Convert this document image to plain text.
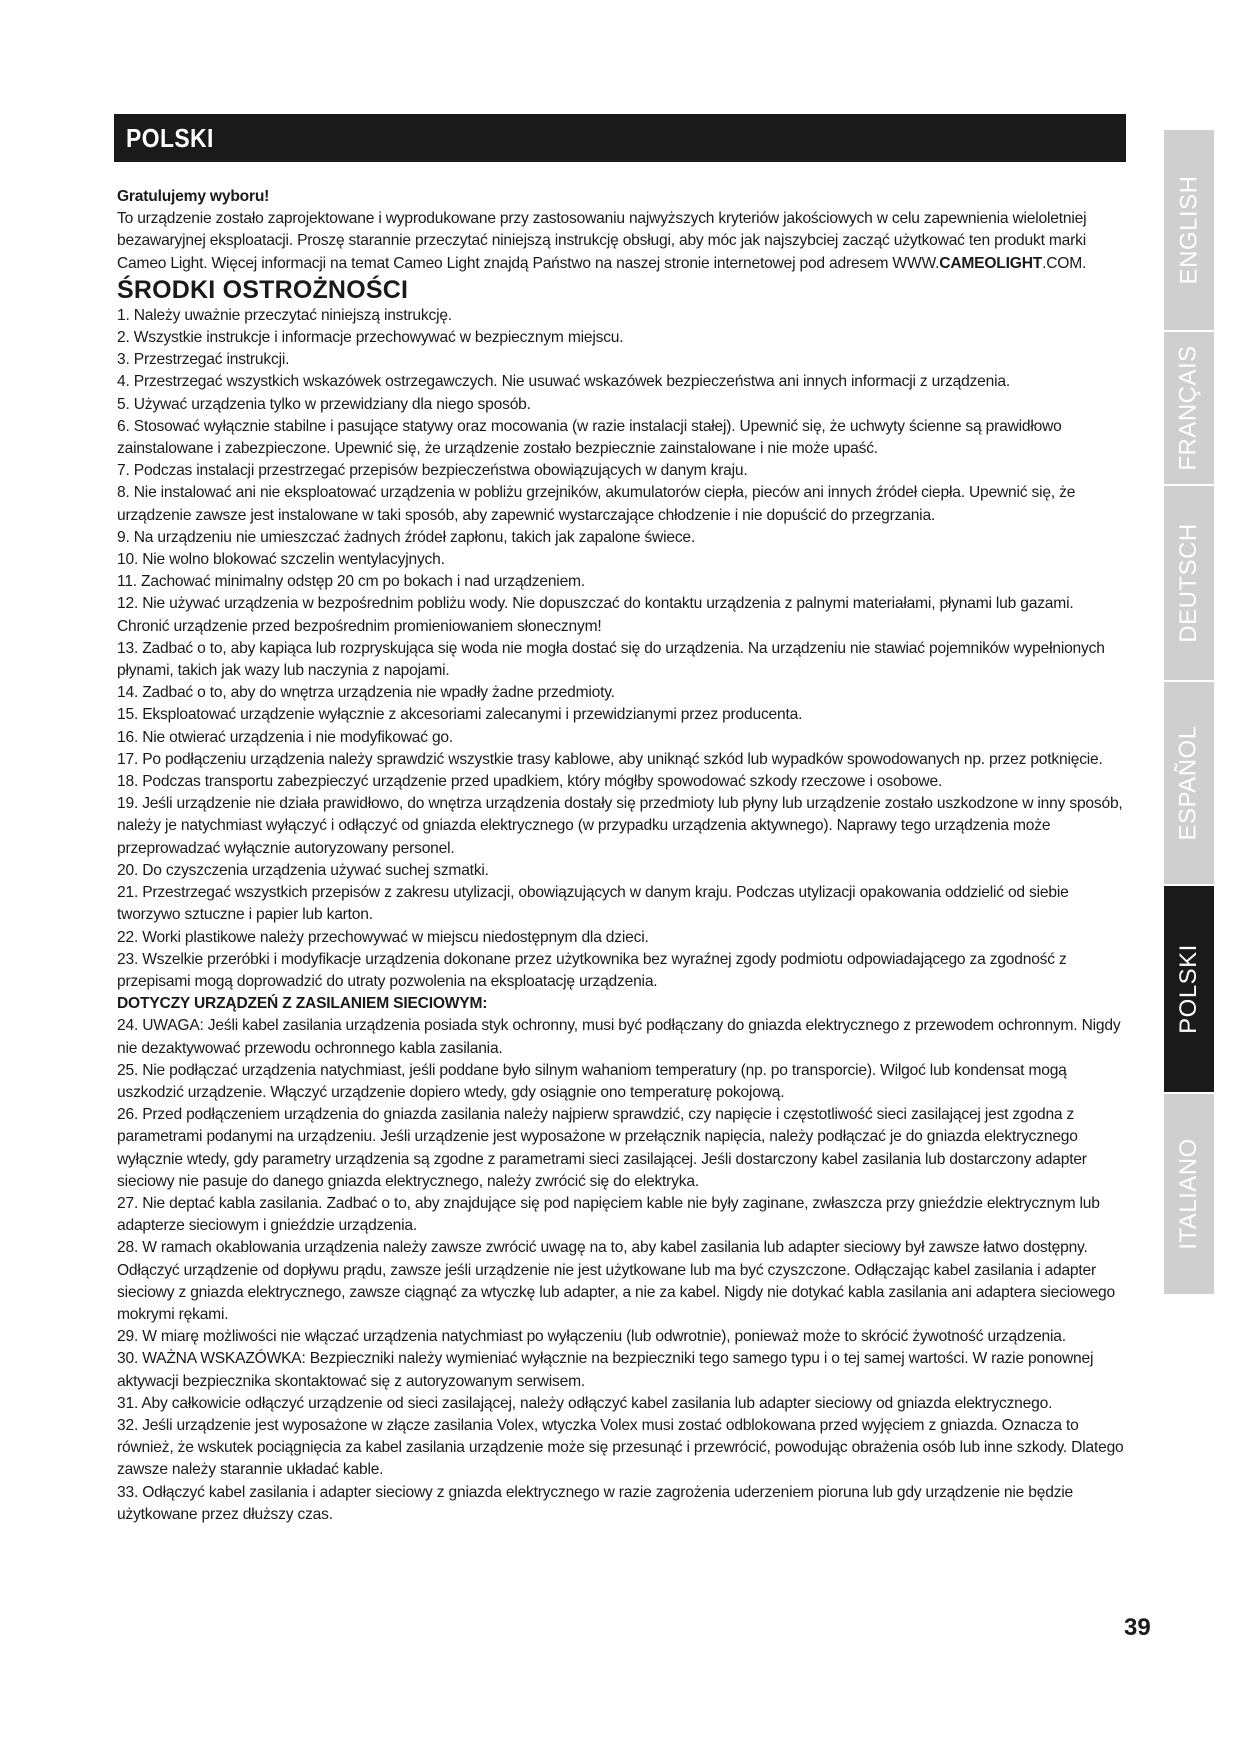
POLSKI

Gratulujemy wyboru!

To urządzenie zostało zaprojektowane i wyprodukowane przy zastosowaniu najwyższych kryteriów jakościowych w celu zapewnienia wieloletniej bezawaryjnej eksploatacji. Proszę starannie przeczytać niniejszą instrukcję obsługi, aby móc jak najszybciej zacząć użytkować ten produkt marki Cameo Light. Więcej informacji na temat Cameo Light znajdą Państwo na naszej stronie internetowej pod adresem WWW.CAMEOLIGHT.COM.

ŚRODKI OSTROŻNOŚCI

1. Należy uważnie przeczytać niniejszą instrukcję.
2. Wszystkie instrukcje i informacje przechowywać w bezpiecznym miejscu.
3. Przestrzegać instrukcji.
4. Przestrzegać wszystkich wskazówek ostrzegawczych. Nie usuwać wskazówek bezpieczeństwa ani innych informacji z urządzenia.
5. Używać urządzenia tylko w przewidziany dla niego sposób.
6. Stosować wyłącznie stabilne i pasujące statywy oraz mocowania (w razie instalacji stałej). Upewnić się, że uchwyty ścienne są prawidłowo zainstalowane i zabezpieczone. Upewnić się, że urządzenie zostało bezpiecznie zainstalowane i nie może upaść.
7. Podczas instalacji przestrzegać przepisów bezpieczeństwa obowiązujących w danym kraju.
8. Nie instalować ani nie eksploatować urządzenia w pobliżu grzejników, akumulatorów ciepła, pieców ani innych źródeł ciepła. Upewnić się, że urządzenie zawsze jest instalowane w taki sposób, aby zapewnić wystarczające chłodzenie i nie dopuścić do przegrzania.
9. Na urządzeniu nie umieszczać żadnych źródeł zapłonu, takich jak zapalone świece.
10. Nie wolno blokować szczelin wentylacyjnych.
11. Zachować minimalny odstęp 20 cm po bokach i nad urządzeniem.
12. Nie używać urządzenia w bezpośrednim pobliżu wody. Nie dopuszczać do kontaktu urządzenia z palnymi materiałami, płynami lub gazami. Chronić urządzenie przed bezpośrednim promieniowaniem słonecznym!
13. Zadbać o to, aby kapiąca lub rozpryskująca się woda nie mogła dostać się do urządzenia. Na urządzeniu nie stawiać pojemników wypełnionych płynami, takich jak wazy lub naczynia z napojami.
14. Zadbać o to, aby do wnętrza urządzenia nie wpadły żadne przedmioty.
15. Eksploatować urządzenie wyłącznie z akcesoriami zalecanymi i przewidzianymi przez producenta.
16. Nie otwierać urządzenia i nie modyfikować go.
17. Po podłączeniu urządzenia należy sprawdzić wszystkie trasy kablowe, aby uniknąć szkód lub wypadków spowodowanych np. przez potknięcie.
18. Podczas transportu zabezpieczyć urządzenie przed upadkiem, który mógłby spowodować szkody rzeczowe i osobowe.
19. Jeśli urządzenie nie działa prawidłowo, do wnętrza urządzenia dostały się przedmioty lub płyny lub urządzenie zostało uszkodzone w inny sposób, należy je natychmiast wyłączyć i odłączyć od gniazda elektrycznego (w przypadku urządzenia aktywnego). Naprawy tego urządzenia może przeprowadzać wyłącznie autoryzowany personel.
20. Do czyszczenia urządzenia używać suchej szmatki.
21. Przestrzegać wszystkich przepisów z zakresu utylizacji, obowiązujących w danym kraju. Podczas utylizacji opakowania oddzielić od siebie tworzywo sztuczne i papier lub karton.
22. Worki plastikowe należy przechowywać w miejscu niedostępnym dla dzieci.
23. Wszelkie przeróbki i modyfikacje urządzenia dokonane przez użytkownika bez wyraźnej zgody podmiotu odpowiadającego za zgodność z przepisami mogą doprowadzić do utraty pozwolenia na eksploatację urządzenia.

DOTYCZY URZĄDZEŃ Z ZASILANIEM SIECIOWYM:

24. UWAGA: Jeśli kabel zasilania urządzenia posiada styk ochronny, musi być podłączany do gniazda elektrycznego z przewodem ochronnym. Nigdy nie dezaktywować przewodu ochronnego kabla zasilania.
25. Nie podłączać urządzenia natychmiast, jeśli poddane było silnym wahaniom temperatury (np. po transporcie). Wilgoć lub kondensat mogą uszkodzić urządzenie. Włączyć urządzenie dopiero wtedy, gdy osiągnie ono temperaturę pokojową.
26. Przed podłączeniem urządzenia do gniazda zasilania należy najpierw sprawdzić, czy napięcie i częstotliwość sieci zasilającej jest zgodna z parametrami podanymi na urządzeniu. Jeśli urządzenie jest wyposażone w przełącznik napięcia, należy podłączać je do gniazda elektrycznego wyłącznie wtedy, gdy parametry urządzenia są zgodne z parametrami sieci zasilającej. Jeśli dostarczony kabel zasilania lub dostarczony adapter sieciowy nie pasuje do danego gniazda elektrycznego, należy zwrócić się do elektryka.
27. Nie deptać kabla zasilania. Zadbać o to, aby znajdujące się pod napięciem kable nie były zaginane, zwłaszcza przy gnieździe elektrycznym lub adapterze sieciowym i gnieździe urządzenia.
28. W ramach okablowania urządzenia należy zawsze zwrócić uwagę na to, aby kabel zasilania lub adapter sieciowy był zawsze łatwo dostępny. Odłączyć urządzenie od dopływu prądu, zawsze jeśli urządzenie nie jest użytkowane lub ma być czyszczone. Odłączając kabel zasilania i adapter sieciowy z gniazda elektrycznego, zawsze ciągnąć za wtyczkę lub adapter, a nie za kabel. Nigdy nie dotykać kabla zasilania ani adaptera sieciowego mokrymi rękami.
29. W miarę możliwości nie włączać urządzenia natychmiast po wyłączeniu (lub odwrotnie), ponieważ może to skrócić żywotność urządzenia.
30. WAŻNA WSKAZÓWKA: Bezpieczniki należy wymieniać wyłącznie na bezpieczniki tego samego typu i o tej samej wartości. W razie ponownej aktywacji bezpiecznika skontaktować się z autoryzowanym serwisem.
31. Aby całkowicie odłączyć urządzenie od sieci zasilającej, należy odłączyć kabel zasilania lub adapter sieciowy od gniazda elektrycznego.
32. Jeśli urządzenie jest wyposażone w złącze zasilania Volex, wtyczka Volex musi zostać odblokowana przed wyjęciem z gniazda. Oznacza to również, że wskutek pociągnięcia za kabel zasilania urządzenie może się przesunąć i przewrócić, powodując obrażenia osób lub inne szkody. Dlatego zawsze należy starannie układać kable.
33. Odłączyć kabel zasilania i adapter sieciowy z gniazda elektrycznego w razie zagrożenia uderzeniem pioruna lub gdy urządzenie nie będzie użytkowane przez dłuższy czas.
ENGLISH
FRANÇAIS
DEUTSCH
ESPAÑOL
POLSKI
ITALIANO
39
